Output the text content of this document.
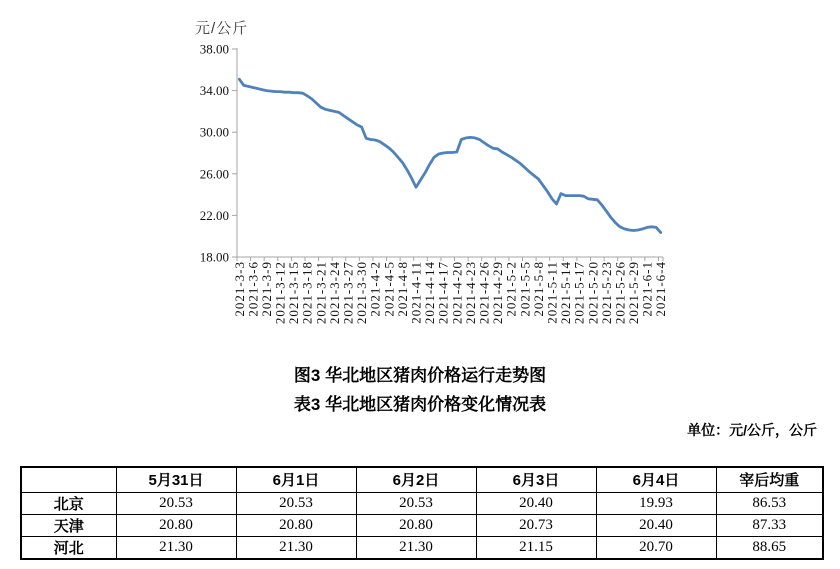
元/公斤
38.00
34.00
30.00
26.00
22.00
18.00
2021-3-3
2021-3-6
2021-3-9
2021-3-12
2021-3-15
2021-3-18
2021-3-21
2021-3-24
2021-3-27
2021-3-30
2021-4-2
2021-4-5
2021-4-8
2021-4-11
2021-4-14
2021-4-17
2021-4-20
2021-4-23
2021-4-26
2021-4-29
2021-5-2
2021-5-5
2021-5-8
2021-5-11
2021-5-14
2021-5-17
2021-5-20
2021-5-23
2021-5-26
2021-5-29
2021-6-1
2021-6-4
图3 华北地区猪肉价格运行走势图
表3 华北地区猪肉价格变化情况表
单位：元/公斤，公斤
	5月31日	6月1日	6月2日	6月3日	6月4日	宰后均重
北京	20.53	20.53	20.53	20.40	19.93	86.53
天津	20.80	20.80	20.80	20.73	20.40	87.33
河北	21.30	21.30	21.30	21.15	20.70	88.65
